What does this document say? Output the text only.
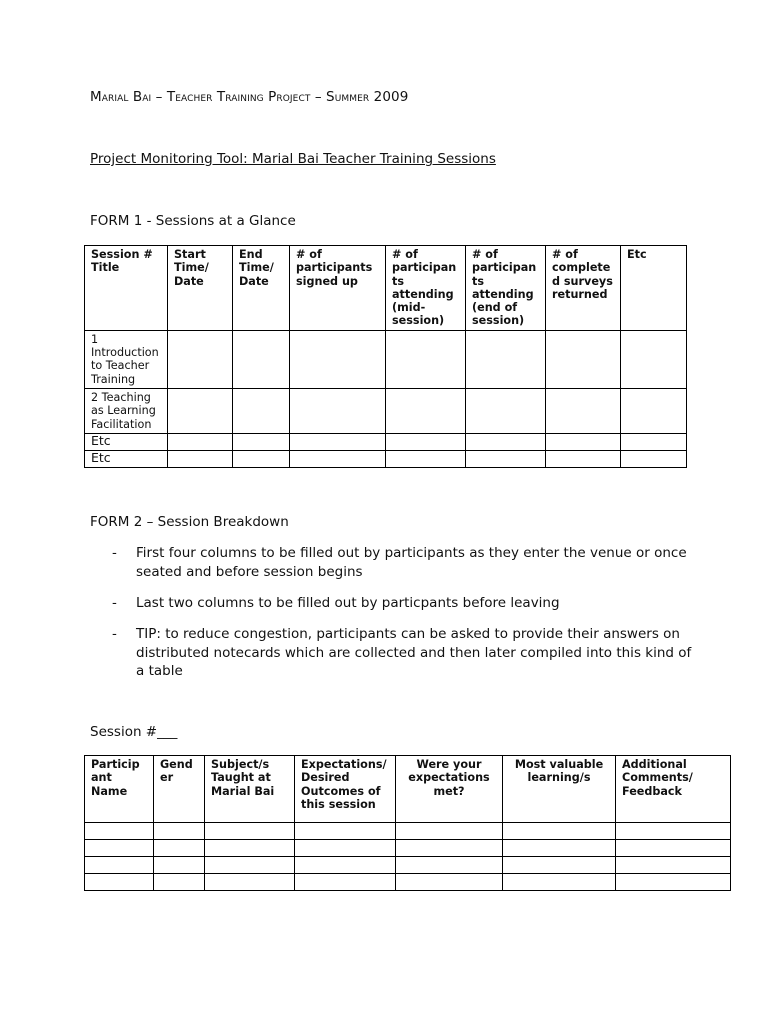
Marial Bai – Teacher Training Project – Summer 2009
Project Monitoring Tool: Marial Bai Teacher Training Sessions
FORM 1 - Sessions at a Glance
Session # Title	Start Time/ Date	End Time/ Date	# of participants signed up	# of participan ts attending (mid-session)	# of participan ts attending (end of session)	# of complete d surveys returned	Etc
1 Introduction to Teacher Training							
2 Teaching as Learning Facilitation							
Etc							
Etc							
FORM 2 – Session Breakdown
- First four columns to be filled out by participants as they enter the venue or once seated and before session begins
- Last two columns to be filled out by particpants before leaving
- TIP: to reduce congestion, participants can be asked to provide their answers on distributed notecards which are collected and then later compiled into this kind of a table
Session #___
Particip ant Name	Gend er	Subject/s Taught at Marial Bai	Expectations/ Desired Outcomes of this session	Were your expectations met?	Most valuable learning/s	Additional Comments/ Feedback
